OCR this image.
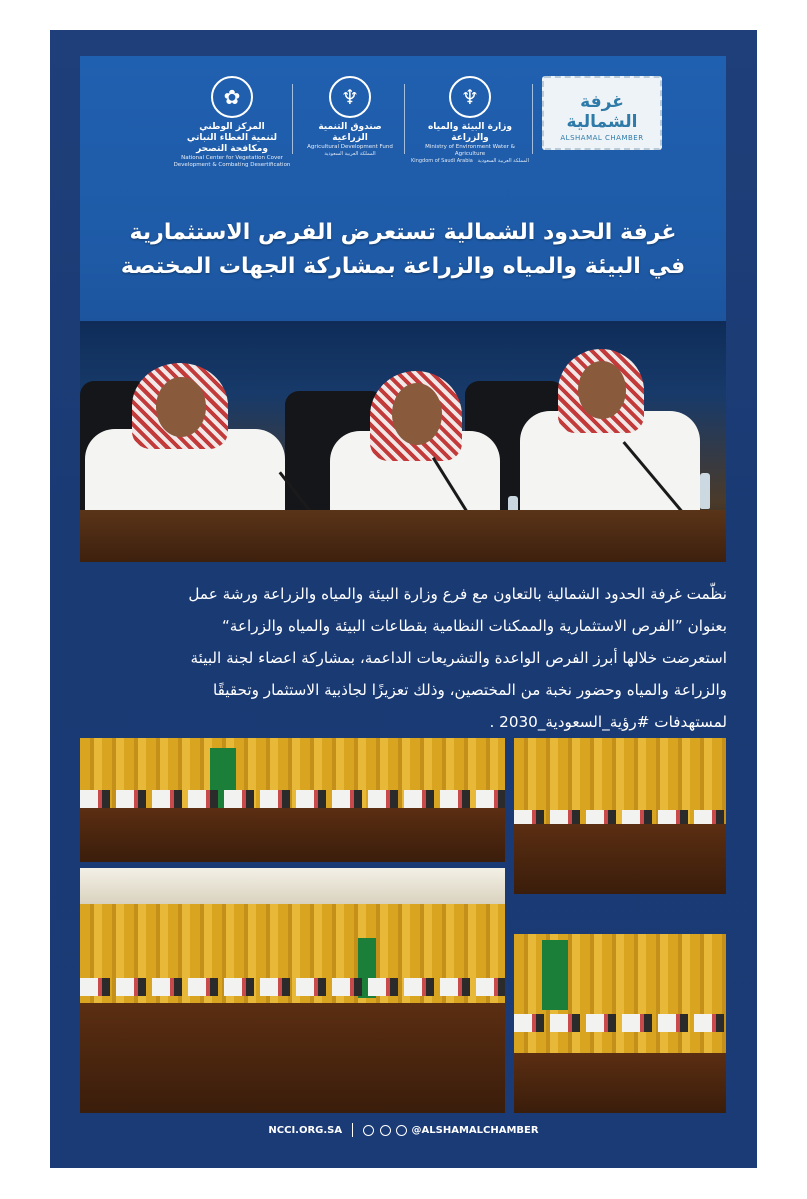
✿
المركز الوطني
لتنمية الغطاء النباتي ومكافحة التصحر
National Center for Vegetation Cover Development & Combating Desertification
♆
صندوق التنمية الزراعية
Agricultural Development Fund
المملكة العربية السعودية
♆
وزارة البيئة والمياه والزراعة
Ministry of Environment Water & Agriculture
Kingdom of Saudi Arabia المملكة العربية السعودية
غرفة الشمالية
ALSHAMAL CHAMBER
غرفة الحدود الشمالية تستعرض الفرص الاستثمارية
في البيئة والمياه والزراعة بمشاركة الجهات المختصة

نظّمت غرفة الحدود الشمالية بالتعاون مع فرع وزارة البيئة والمياه والزراعة ورشة عمل

بعنوان ”الفرص الاستثمارية والممكنات النظامية بقطاعات البيئة والمياه والزراعة“

استعرضت خلالها أبرز الفرص الواعدة والتشريعات الداعمة، بمشاركة اعضاء لجنة البيئة

والزراعة والمياه وحضور نخبة من المختصين، وذلك تعزيزًا لجاذبية الاستثمار وتحقيقًا

لمستهدفات #رؤية_السعودية_2030 .

NCCI.ORG.SA	@ALSHAMALCHAMBER
